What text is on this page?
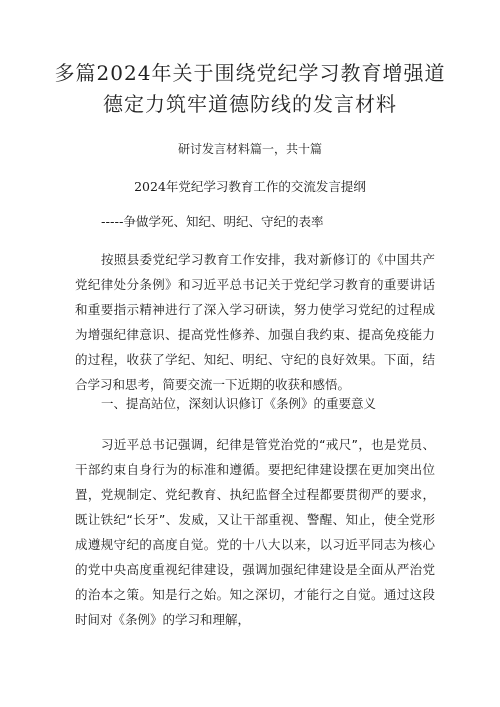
多篇2024年关于围绕党纪学习教育增强道
德定力筑牢道德防线的发言材料
研讨发言材料篇一，共十篇
2024年党纪学习教育工作的交流发言提纲
-----争做学死、知纪、明纪、守纪的表率
按照县委党纪学习教育工作安排，我对新修订的《中国共产党纪律处分条例》和习近平总书记关于党纪学习教育的重要讲话和重要指示精神进行了深入学习研读，努力使学习党纪的过程成为增强纪律意识、提高党性修养、加强自我约束、提高免疫能力的过程，收获了学纪、知纪、明纪、守纪的良好效果。下面，结合学习和思考，简要交流一下近期的收获和感悟。
一、提高站位，深刻认识修订《条例》的重要意义
习近平总书记强调，纪律是管党治党的“戒尺”，也是党员、干部约束自身行为的标准和遵循。要把纪律建设摆在更加突出位置，党规制定、党纪教育、执纪监督全过程都要贯彻严的要求，既让铁纪“长牙”、发威，又让干部重视、警醒、知止，使全党形成遵规守纪的高度自觉。党的十八大以来，以习近平同志为核心的党中央高度重视纪律建设，强调加强纪律建设是全面从严治党的治本之策。知是行之始。知之深切，才能行之自觉。通过这段时间对《条例》的学习和理解，
